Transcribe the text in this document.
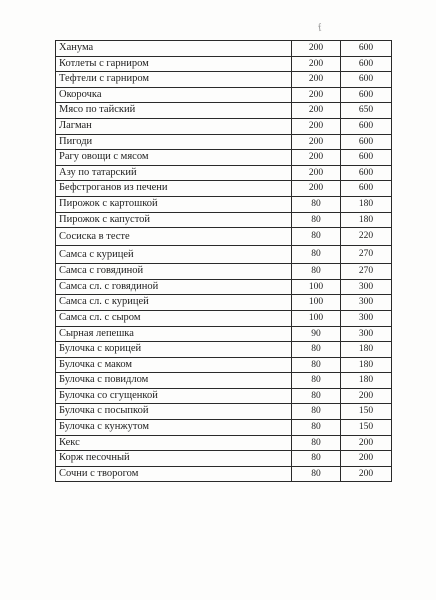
f
Ханума	200	600
Котлеты с гарниром	200	600
Тефтели с гарниром	200	600
Окорочка	200	600
Мясо по тайский	200	650
Лагман	200	600
Пигоди	200	600
Рагу овощи с мясом	200	600
Азу по татарский	200	600
Бефстроганов из печени	200	600
Пирожок с картошкой	80	180
Пирожок с капустой	80	180
Сосиска в тесте	80	220
Самса с курицей	80	270
Самса с говядиной	80	270
Самса сл. с говядиной	100	300
Самса сл. с курицей	100	300
Самса сл. с сыром	100	300
Сырная лепешка	90	300
Булочка с корицей	80	180
Булочка с маком	80	180
Булочка с повидлом	80	180
Булочка со сгущенкой	80	200
Булочка с посыпкой	80	150
Булочка с кунжутом	80	150
Кекс	80	200
Корж песочный	80	200
Сочни с творогом	80	200
